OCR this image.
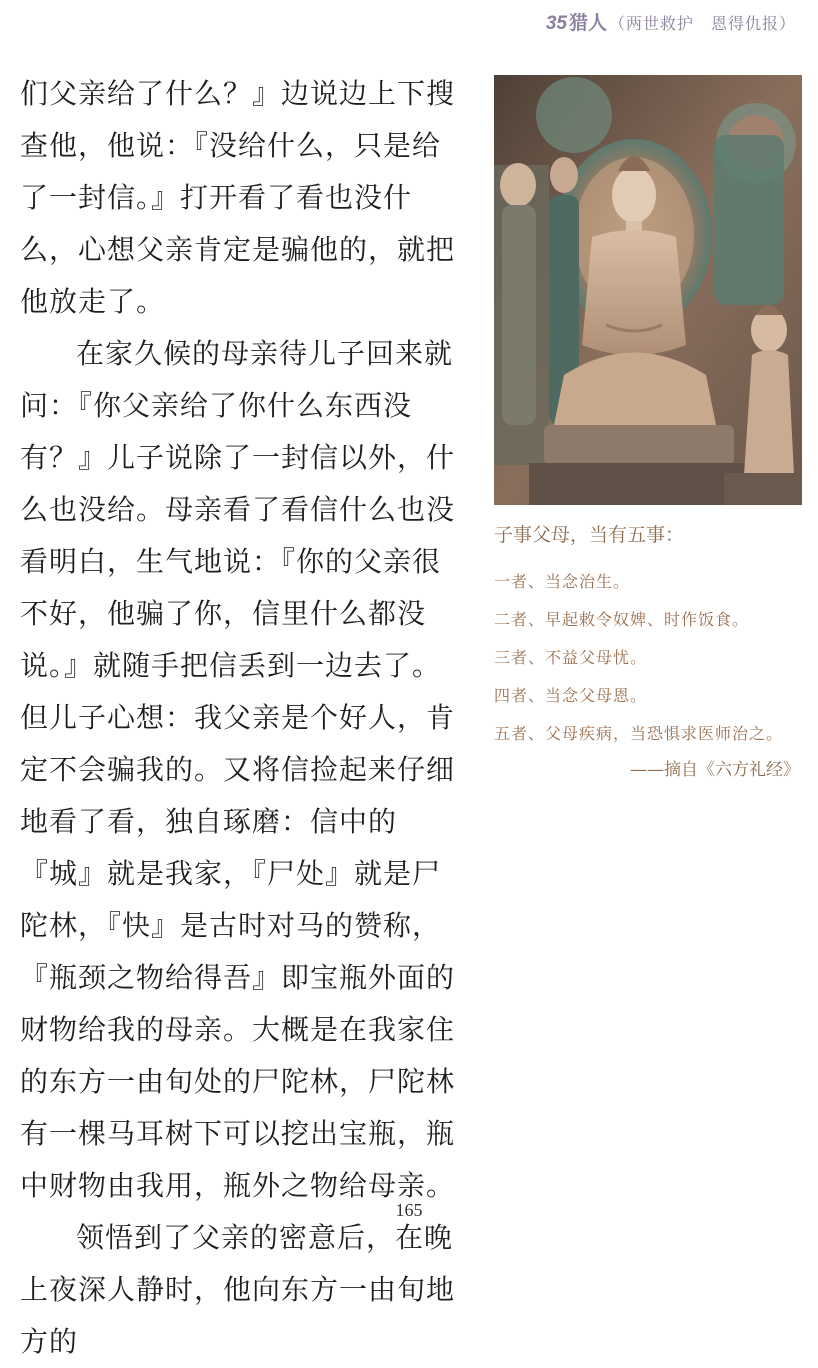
35 猎人 （两世救护　恩得仇报）

们父亲给了什么？』边说边上下搜查他，他说：『没给什么，只是给了一封信。』打开看了看也没什么，心想父亲肯定是骗他的，就把他放走了。

在家久候的母亲待儿子回来就问：『你父亲给了你什么东西没有？』儿子说除了一封信以外，什么也没给。母亲看了看信什么也没看明白，生气地说：『你的父亲很不好，他骗了你，信里什么都没说。』就随手把信丢到一边去了。但儿子心想：我父亲是个好人，肯定不会骗我的。又将信捡起来仔细地看了看，独自琢磨：信中的『城』就是我家，『尸处』就是尸陀林，『快』是古时对马的赞称，『瓶颈之物给得吾』即宝瓶外面的财物给我的母亲。大概是在我家住的东方一由旬处的尸陀林，尸陀林有一棵马耳树下可以挖出宝瓶，瓶中财物由我用，瓶外之物给母亲。

领悟到了父亲的密意后，在晚上夜深人静时，他向东方一由旬地方的

子事父母，当有五事：
一者、当念治生。
二者、早起敕令奴婢、时作饭食。
三者、不益父母忧。
四者、当念父母恩。
五者、父母疾病，当恐惧求医师治之。
——摘自《六方礼经》
165
